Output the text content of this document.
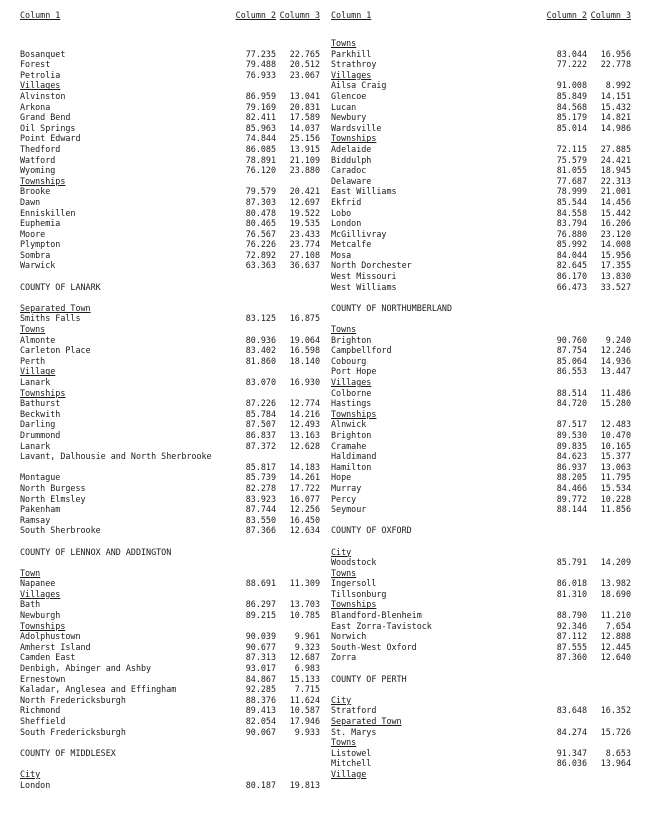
Column 1	Column 2 Column 3
Bosanquet	77.235 22.765
Forest	79.488 20.512
Petrolia	76.933 23.067
Villages
Alvinston	86.959 13.041
Arkona	79.169 20.831
Grand Bend	82.411 17.589
Oil Springs	85.963 14.037
Point Edward	74.844 25.156
Thedford	86.085 13.915
Watford	78.891 21.109
Wyoming	76.120 23.880
Townships
Brooke	79.579 20.421
Dawn	87.303 12.697
Enniskillen	80.478 19.522
Euphemia	80.465 19.535
Moore	76.567 23.433
Plympton	76.226 23.774
Sombra	72.892 27.108
Warwick	63.363 36.637
COUNTY OF LANARK
Separated Town
Smiths Falls	83.125 16.875
Towns
Almonte	80.936 19.064
Carleton Place	83.402 16.598
Perth	81.860 18.140
Village
Lanark	83.070 16.930
Townships
Bathurst	87.226 12.774
Beckwith	85.784 14.216
Darling	87.507 12.493
Drummond	86.837 13.163
Lanark	87.372 12.628
Lavant, Dalhousie and North Sherbrooke
85.817 14.183
Montague	85.739 14.261
North Burgess	82.278 17.722
North Elmsley	83.923 16.077
Pakenham	87.744 12.256
Ramsay	83.550 16.450
South Sherbrooke	87.366 12.634
COUNTY OF LENNOX AND ADDINGTON
Town
Napanee	88.691 11.309
Villages
Bath	86.297 13.703
Newburgh	89.215 10.785
Townships
Adolphustown	90.039 9.961
Amherst Island	90.677 9.323
Camden East	87.313 12.687
Denbigh, Abinger and Ashby	93.017 6.983
Ernestown	84.867 15.133
Kaladar, Anglesea and Effingham	92.285 7.715
North Fredericksburgh	88.376 11.624
Richmond	89.413 10.587
Sheffield	82.054 17.946
South Fredericksburgh	90.067 9.933
COUNTY OF MIDDLESEX
City
London	80.187 19.813
Column 1	Column 2 Column 3
Towns
Parkhill	83.044 16.956
Strathroy	77.222 22.778
Villages
Ailsa Craig	91.008 8.992
Glencoe	85.849 14.151
Lucan	84.568 15.432
Newbury	85.179 14.821
Wardsville	85.014 14.986
Townships
Adelaide	72.115 27.885
Biddulph	75.579 24.421
Caradoc	81.055 18.945
Delaware	77.687 22.313
East Williams	78.999 21.001
Ekfrid	85.544 14.456
Lobo	84.558 15.442
London	83.794 16.206
McGillivray	76.880 23.120
Metcalfe	85.992 14.008
Mosa	84.044 15.956
North Dorchester	82.645 17.355
West Missouri	86.170 13.830
West Williams	66.473 33.527
COUNTY OF NORTHUMBERLAND
Towns
Brighton	90.760 9.240
Campbellford	87.754 12.246
Cobourg	85.064 14.936
Port Hope	86.553 13.447
Villages
Colborne	88.514 11.486
Hastings	84.720 15.280
Townships
Alnwick	87.517 12.483
Brighton	89.530 10.470
Cramahe	89.835 10.165
Haldimand	84.623 15.377
Hamilton	86.937 13.063
Hope	88.205 11.795
Murray	84.466 15.534
Percy	89.772 10.228
Seymour	88.144 11.856
COUNTY OF OXFORD
City
Woodstock	85.791 14.209
Towns
Ingersoll	86.018 13.982
Tillsonburg	81.310 18.690
Townships
Blandford-Blenheim	88.790 11.210
East Zorra-Tavistock	92.346 7.654
Norwich	87.112 12.888
South-West Oxford	87.555 12.445
Zorra	87.360 12.640
COUNTY OF PERTH
City
Stratford	83.648 16.352
Separated Town
St. Marys	84.274 15.726
Towns
Listowel	91.347 8.653
Mitchell	86.036 13.964
Village
